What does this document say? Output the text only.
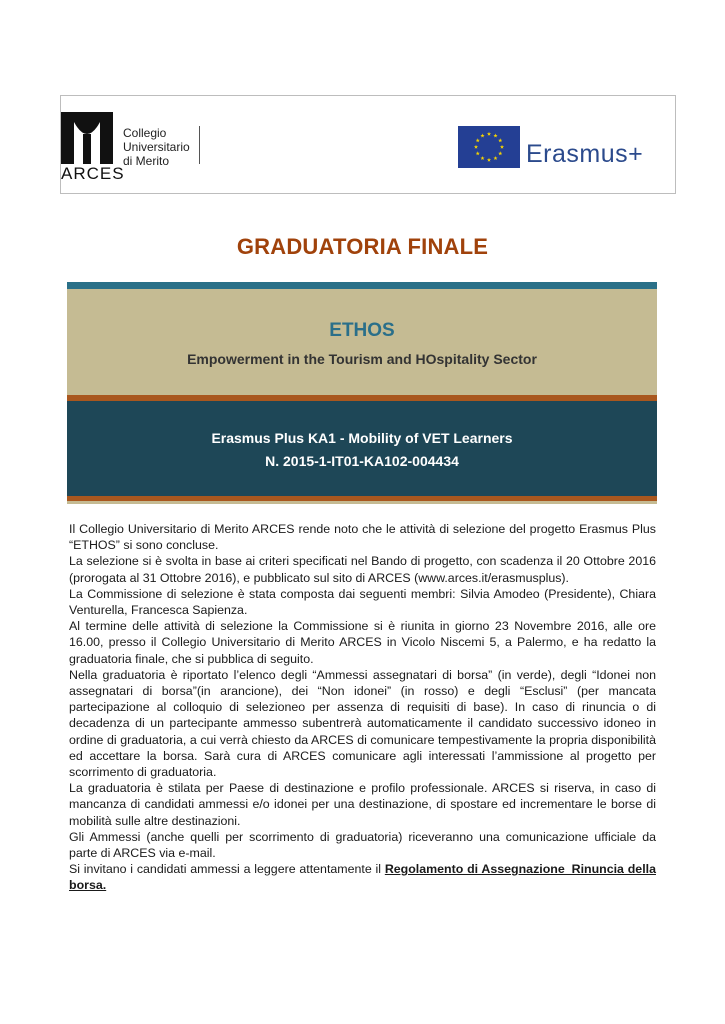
ARCES
Collegio
Universitario
di Merito	Erasmus+
GRADUATORIA FINALE
ETHOS
Empowerment in the Tourism and HOspitality Sector
Erasmus Plus KA1 - Mobility of VET Learners
N. 2015-1-IT01-KA102-004434

Il Collegio Universitario di Merito ARCES rende noto che le attività di selezione del progetto Erasmus Plus “ETHOS” si sono concluse.

La selezione si è svolta in base ai criteri specificati nel Bando di progetto, con scadenza il 20 Ottobre 2016 (prorogata al 31 Ottobre 2016), e pubblicato sul sito di ARCES (www.arces.it/erasmusplus).

La Commissione di selezione è stata composta dai seguenti membri: Silvia Amodeo (Presidente), Chiara Venturella, Francesca Sapienza.

Al termine delle attività di selezione la Commissione si è riunita in giorno 23 Novembre 2016, alle ore 16.00, presso il Collegio Universitario di Merito ARCES in Vicolo Niscemi 5, a Palermo, e ha redatto la graduatoria finale, che si pubblica di seguito.

Nella graduatoria è riportato l’elenco degli “Ammessi assegnatari di borsa” (in verde), degli “Idonei non assegnatari di borsa”(in arancione), dei “Non idonei” (in rosso) e degli “Esclusi” (per mancata partecipazione al colloquio di selezioneo per assenza di requisiti di base). In caso di rinuncia o di decadenza di un partecipante ammesso subentrerà automaticamente il candidato successivo idoneo in ordine di graduatoria, a cui verrà chiesto da ARCES di comunicare tempestivamente la propria disponibilità ed accettare la borsa. Sarà cura di ARCES comunicare agli interessati l’ammissione al progetto per scorrimento di graduatoria.

La graduatoria è stilata per Paese di destinazione e profilo professionale. ARCES si riserva, in caso di mancanza di candidati ammessi e/o idonei per una destinazione, di spostare ed incrementare le borse di mobilità sulle altre destinazioni.

Gli Ammessi (anche quelli per scorrimento di graduatoria) riceveranno una comunicazione ufficiale da parte di ARCES via e-mail.

Si invitano i candidati ammessi a leggere attentamente il Regolamento di Assegnazione_Rinuncia della borsa.
